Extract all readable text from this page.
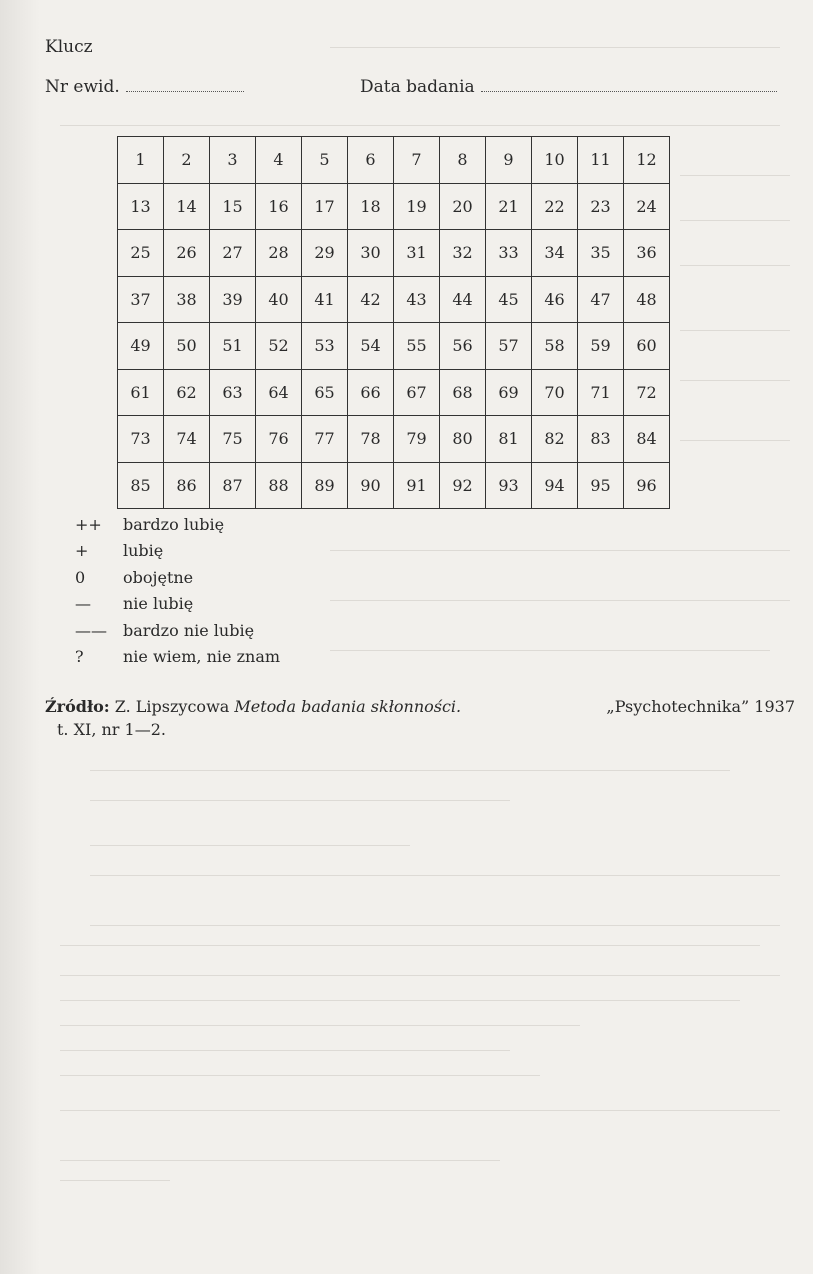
Klucz
Nr ewid.	Data badania
1	2	3	4	5	6	7	8	9	10	11	12
13	14	15	16	17	18	19	20	21	22	23	24
25	26	27	28	29	30	31	32	33	34	35	36
37	38	39	40	41	42	43	44	45	46	47	48
49	50	51	52	53	54	55	56	57	58	59	60
61	62	63	64	65	66	67	68	69	70	71	72
73	74	75	76	77	78	79	80	81	82	83	84
85	86	87	88	89	90	91	92	93	94	95	96
++	bardzo lubię
+	lubię
0	obojętne
—	nie lubię
——	bardzo nie lubię
?	nie wiem, nie znam
Źródło: Z. Lipszycowa Metoda badania skłonności.	„Psychotechnika” 1937
t. XI, nr 1—2.
